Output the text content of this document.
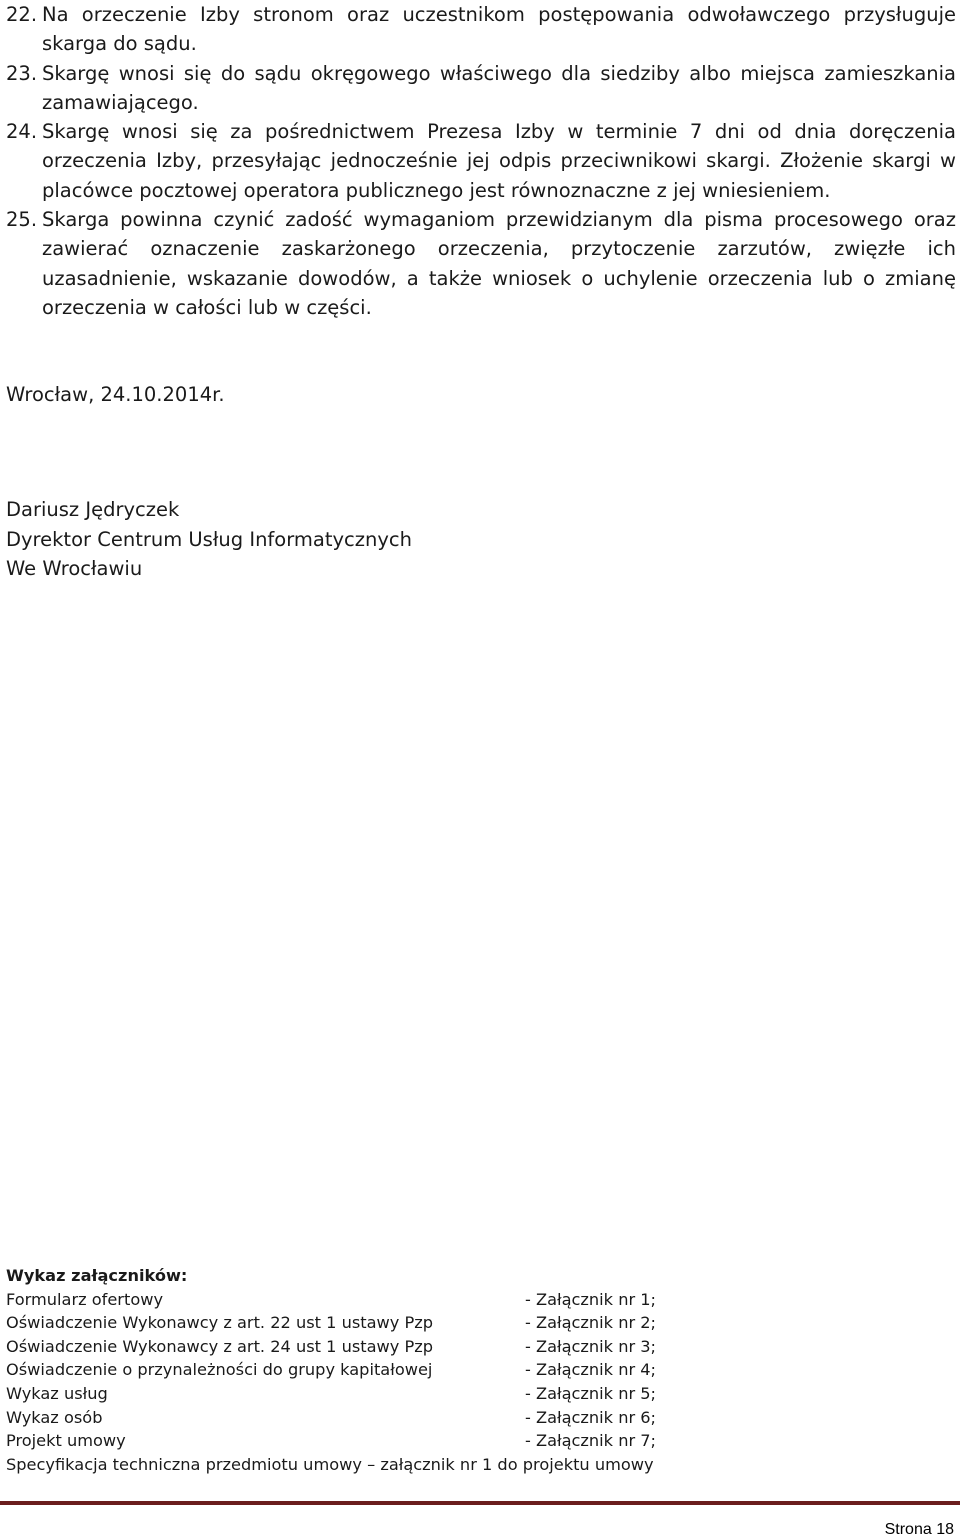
22. Na orzeczenie Izby stronom oraz uczestnikom postępowania odwoławczego przysługuje skarga do sądu.
23. Skargę wnosi się do sądu okręgowego właściwego dla siedziby albo miejsca zamieszkania zamawiającego.
24. Skargę wnosi się za pośrednictwem Prezesa Izby w terminie 7 dni od dnia doręczenia orzeczenia Izby, przesyłając jednocześnie jej odpis przeciwnikowi skargi. Złożenie skargi w placówce pocztowej operatora publicznego jest równoznaczne z jej wniesieniem.
25. Skarga powinna czynić zadość wymaganiom przewidzianym dla pisma procesowego oraz zawierać oznaczenie zaskarżonego orzeczenia, przytoczenie zarzutów, zwięzłe ich uzasadnienie, wskazanie dowodów, a także wniosek o uchylenie orzeczenia lub o zmianę orzeczenia w całości lub w części.
Wrocław, 24.10.2014r.
Dariusz Jędryczek
Dyrektor Centrum Usług Informatycznych
We Wrocławiu
Wykaz załączników:
Formularz ofertowy	- Załącznik nr 1;
Oświadczenie Wykonawcy z art. 22 ust 1 ustawy Pzp	- Załącznik nr 2;
Oświadczenie Wykonawcy z art. 24 ust 1 ustawy Pzp	- Załącznik nr 3;
Oświadczenie o przynależności do grupy kapitałowej	- Załącznik nr 4;
Wykaz usług	- Załącznik nr 5;
Wykaz osób	- Załącznik nr 6;
Projekt umowy	- Załącznik nr 7;
Specyfikacja techniczna przedmiotu umowy – załącznik nr 1 do projektu umowy
Strona 18
